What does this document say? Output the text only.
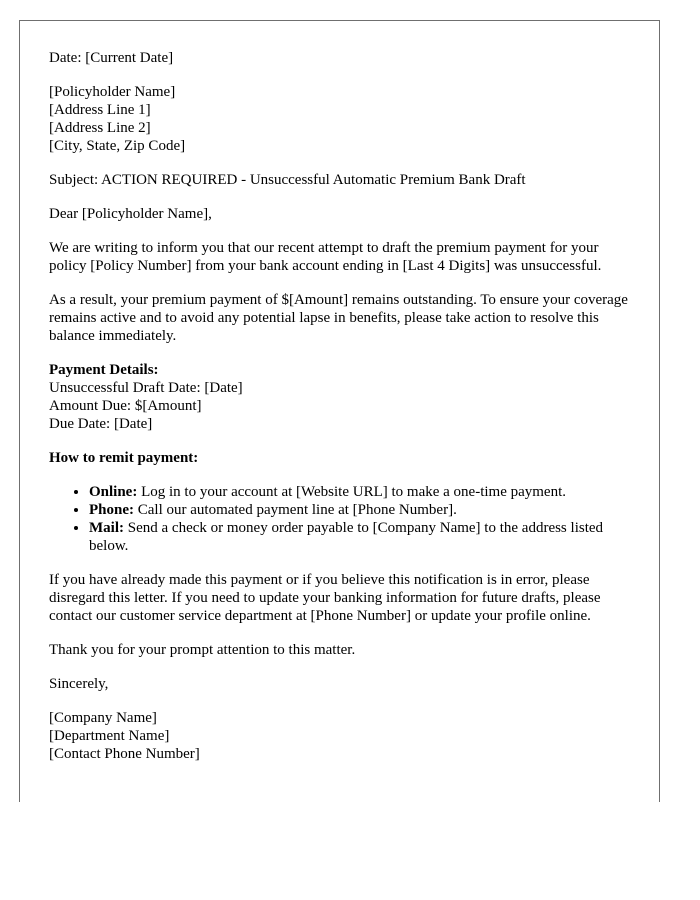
Date: [Current Date]

[Policyholder Name]
[Address Line 1]
[Address Line 2]
[City, State, Zip Code]

Subject: ACTION REQUIRED - Unsuccessful Automatic Premium Bank Draft

Dear [Policyholder Name],

We are writing to inform you that our recent attempt to draft the premium payment for your policy [Policy Number] from your bank account ending in [Last 4 Digits] was unsuccessful.

As a result, your premium payment of $[Amount] remains outstanding. To ensure your coverage remains active and to avoid any potential lapse in benefits, please take action to resolve this balance immediately.

Payment Details:
Unsuccessful Draft Date: [Date]
Amount Due: $[Amount]
Due Date: [Date]

How to remit payment:

• Online: Log in to your account at [Website URL] to make a one-time payment.
• Phone: Call our automated payment line at [Phone Number].
• Mail: Send a check or money order payable to [Company Name] to the address listed below.

If you have already made this payment or if you believe this notification is in error, please disregard this letter. If you need to update your banking information for future drafts, please contact our customer service department at [Phone Number] or update your profile online.

Thank you for your prompt attention to this matter.

Sincerely,

[Company Name]
[Department Name]
[Contact Phone Number]
